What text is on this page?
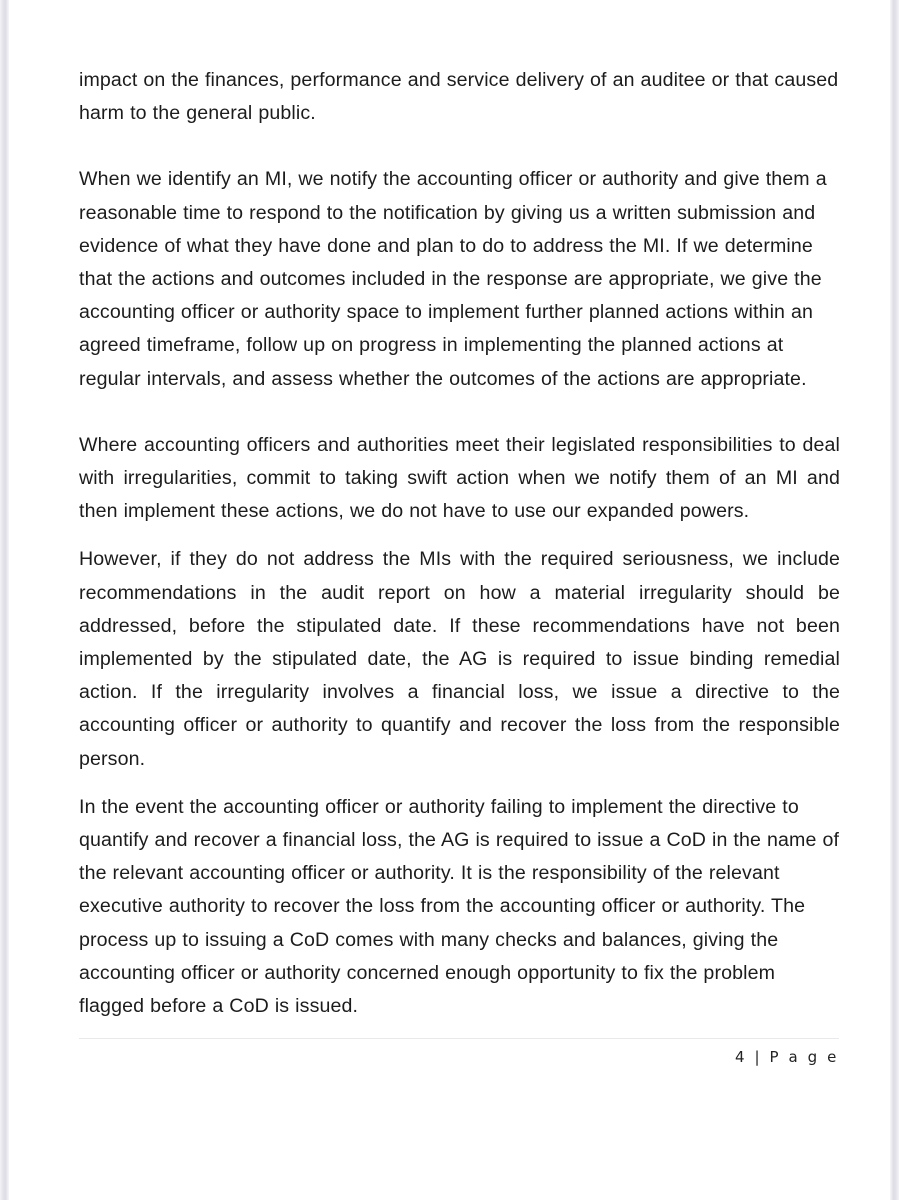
impact on the finances, performance and service delivery of an auditee or that caused harm to the general public.

When we identify an MI, we notify the accounting officer or authority and give them a reasonable time to respond to the notification by giving us a written submission and evidence of what they have done and plan to do to address the MI. If we determine that the actions and outcomes included in the response are appropriate, we give the accounting officer or authority space to implement further planned actions within an agreed timeframe, follow up on progress in implementing the planned actions at regular intervals, and assess whether the outcomes of the actions are appropriate.

Where accounting officers and authorities meet their legislated responsibilities to deal with irregularities, commit to taking swift action when we notify them of an MI and then implement these actions, we do not have to use our expanded powers.

However, if they do not address the MIs with the required seriousness, we include recommendations in the audit report on how a material irregularity should be addressed, before the stipulated date. If these recommendations have not been implemented by the stipulated date, the AG is required to issue binding remedial action. If the irregularity involves a financial loss, we issue a directive to the accounting officer or authority to quantify and recover the loss from the responsible person.

In the event the accounting officer or authority failing to implement the directive to quantify and recover a financial loss, the AG is required to issue a CoD in the name of the relevant accounting officer or authority. It is the responsibility of the relevant executive authority to recover the loss from the accounting officer or authority. The process up to issuing a CoD comes with many checks and balances, giving the accounting officer or authority concerned enough opportunity to fix the problem flagged before a CoD is issued.

4 | P a g e
